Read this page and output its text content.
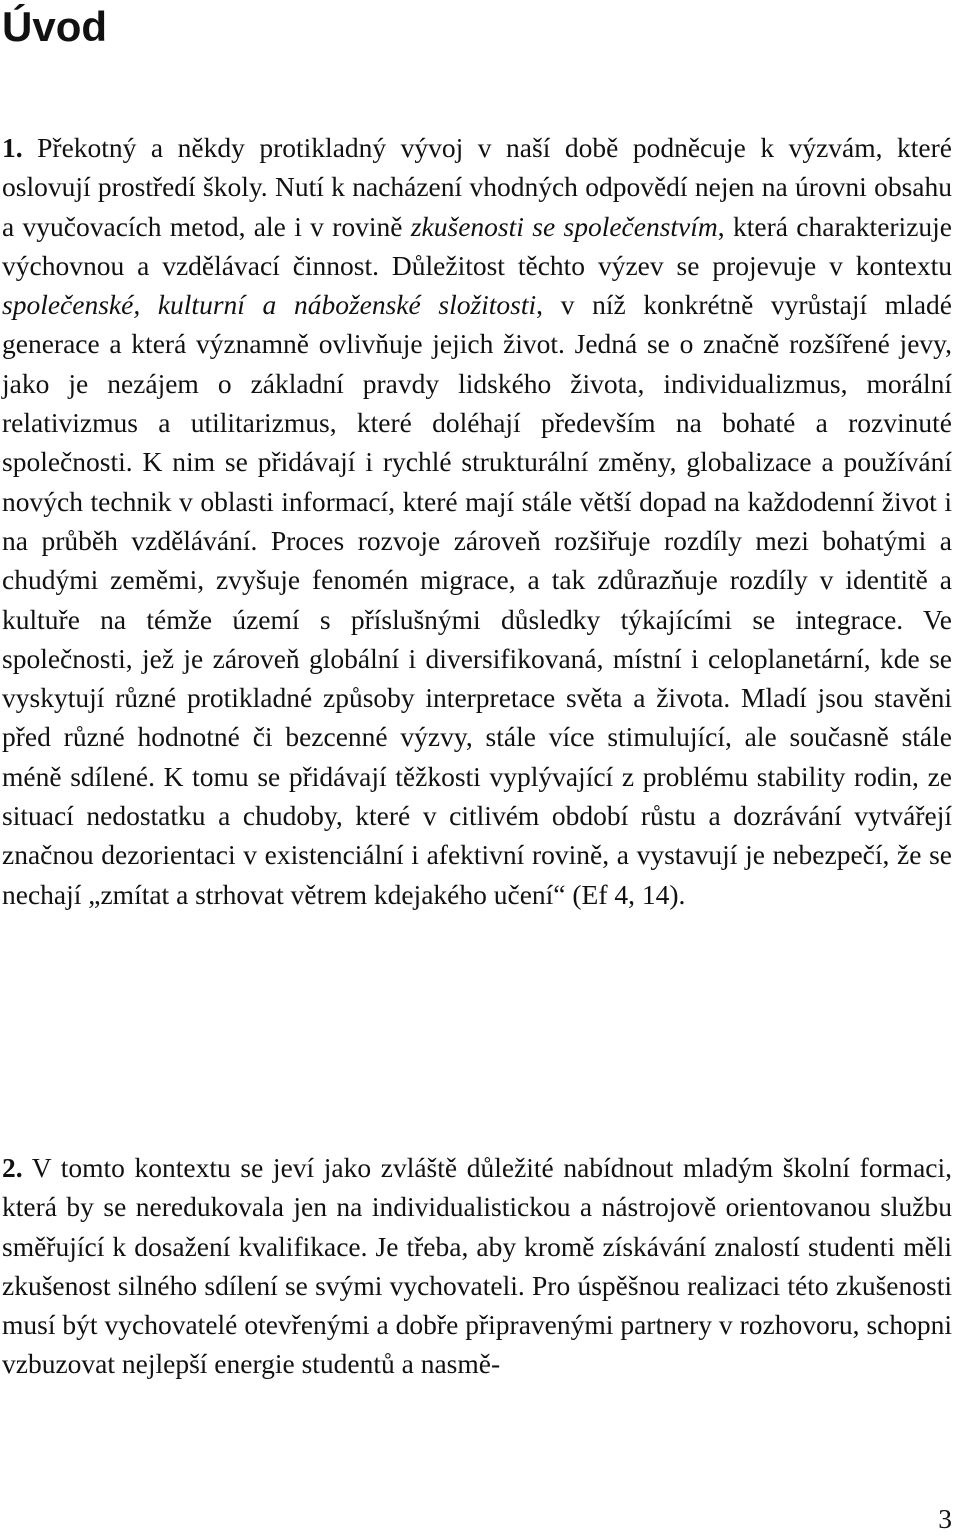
Úvod

1. Překotný a někdy protikladný vývoj v naší době podněcuje k výzvám, které oslovují prostředí školy. Nutí k nacházení vhodných odpovědí nejen na úrovni obsahu a vyučovacích metod, ale i v rovině zkušenosti se společenstvím, která charakterizuje výchovnou a vzdělávací činnost. Důležitost těchto výzev se projevuje v kontextu společenské, kulturní a náboženské složitosti, v níž konkrétně vyrůstají mladé generace a která významně ovlivňuje jejich život. Jedná se o značně rozšířené jevy, jako je nezájem o základní pravdy lidského života, individualizmus, morální relativizmus a utilitarizmus, které doléhají především na bohaté a rozvinuté společnosti. K nim se přidávají i rychlé strukturální změny, globalizace a používání nových technik v oblasti informací, které mají stále větší dopad na každodenní život i na průběh vzdělávání. Proces rozvoje zároveň rozšiřuje rozdíly mezi bohatými a chudými zeměmi, zvyšuje fenomén migrace, a tak zdůrazňuje rozdíly v identitě a kultuře na témže území s příslušnými důsledky týkajícími se integrace. Ve společnosti, jež je zároveň globální i diversifikovaná, místní i celoplanetární, kde se vyskytují různé protikladné způsoby interpretace světa a života. Mladí jsou stavěni před různé hodnotné či bezcenné výzvy, stále více stimulující, ale současně stále méně sdílené. K tomu se přidávají těžkosti vyplývající z problému stability rodin, ze situací nedostatku a chudoby, které v citlivém období růstu a dozrávání vytvářejí značnou dezorientaci v existenciální i afektivní rovině, a vystavují je nebezpečí, že se nechají „zmítat a strhovat větrem kdejakého učení“ (Ef 4, 14).

2. V tomto kontextu se jeví jako zvláště důležité nabídnout mladým školní formaci, která by se neredukovala jen na individualistickou a nástrojově orientovanou službu směřující k dosažení kvalifikace. Je třeba, aby kromě získávání znalostí studenti měli zkušenost silného sdílení se svými vychovateli. Pro úspěšnou realizaci této zkušenosti musí být vychovatelé otevřenými a dobře připravenými partnery v rozhovoru, schopni vzbuzovat nejlepší energie studentů a nasmě-

3
